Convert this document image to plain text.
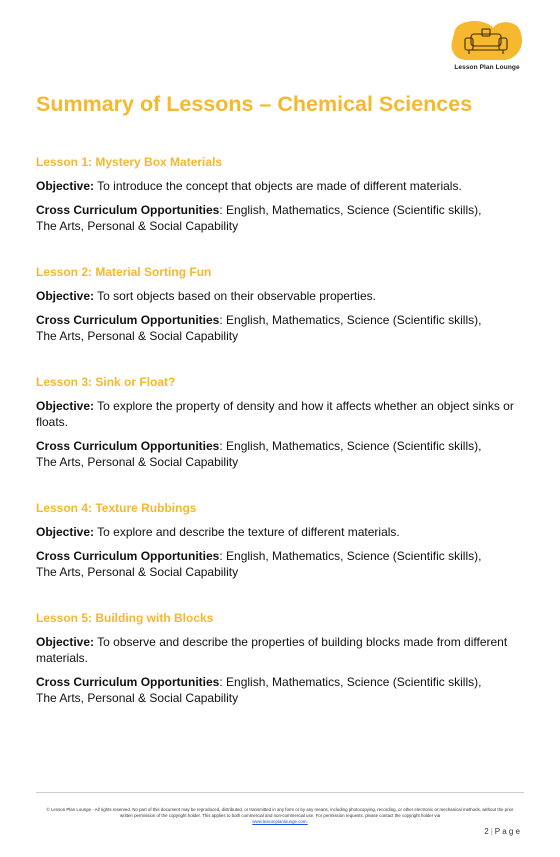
Lesson Plan Lounge
Summary of Lessons – Chemical Sciences
Lesson 1: Mystery Box Materials

Objective: To introduce the concept that objects are made of different materials.

Cross Curriculum Opportunities: English, Mathematics, Science (Scientific skills),
The Arts, Personal & Social Capability

Lesson 2: Material Sorting Fun

Objective: To sort objects based on their observable properties.

Cross Curriculum Opportunities: English, Mathematics, Science (Scientific skills),
The Arts, Personal & Social Capability

Lesson 3: Sink or Float?

Objective: To explore the property of density and how it affects whether an object sinks or floats.

Cross Curriculum Opportunities: English, Mathematics, Science (Scientific skills),
The Arts, Personal & Social Capability

Lesson 4: Texture Rubbings

Objective: To explore and describe the texture of different materials.

Cross Curriculum Opportunities: English, Mathematics, Science (Scientific skills),
The Arts, Personal & Social Capability

Lesson 5: Building with Blocks

Objective: To observe and describe the properties of building blocks made from different materials.

Cross Curriculum Opportunities: English, Mathematics, Science (Scientific skills),
The Arts, Personal & Social Capability

© Lesson Plan Lounge - All rights reserved. No part of this document may be reproduced, distributed, or transmitted in any form or by any means, including photocopying, recording, or other electronic or mechanical methods, without the prior written permission of the copyright holder. This applies to both commercial and non-commercial use. For permission requests, please contact the copyright holder via
www.lessonplanlounge.com.
2 | P a g e
